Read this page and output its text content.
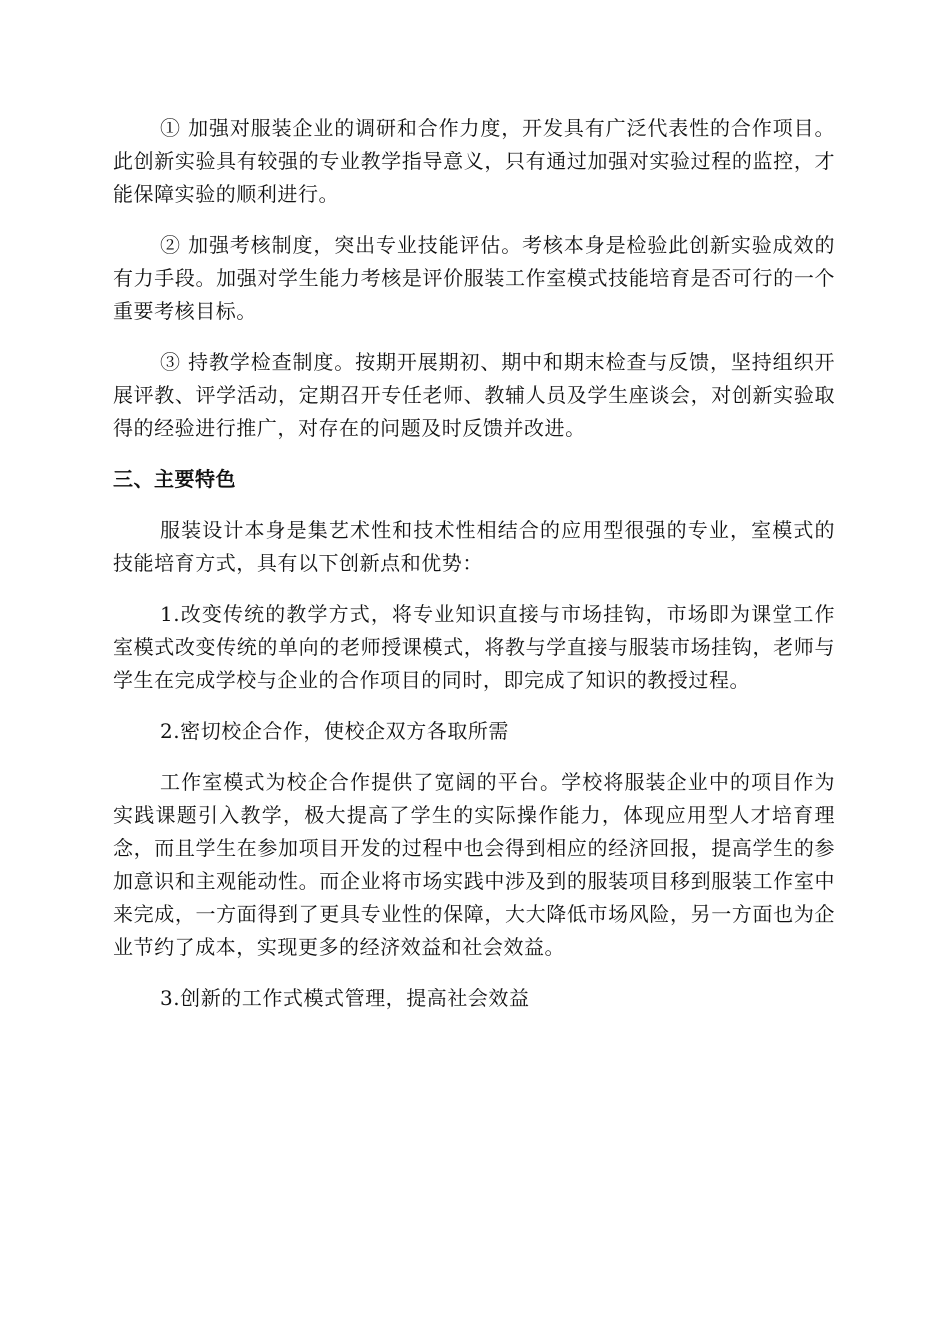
① 加强对服装企业的调研和合作力度，开发具有广泛代表性的合作项目。此创新实验具有较强的专业教学指导意义，只有通过加强对实验过程的监控，才能保障实验的顺利进行。

② 加强考核制度，突出专业技能评估。考核本身是检验此创新实验成效的有力手段。加强对学生能力考核是评价服装工作室模式技能培育是否可行的一个重要考核目标。

③ 持教学检查制度。按期开展期初、期中和期末检查与反馈，坚持组织开展评教、评学活动，定期召开专任老师、教辅人员及学生座谈会，对创新实验取得的经验进行推广，对存在的问题及时反馈并改进。

三、主要特色

服装设计本身是集艺术性和技术性相结合的应用型很强的专业，室模式的技能培育方式，具有以下创新点和优势：

1.改变传统的教学方式，将专业知识直接与市场挂钩，市场即为课堂工作室模式改变传统的单向的老师授课模式，将教与学直接与服装市场挂钩，老师与学生在完成学校与企业的合作项目的同时，即完成了知识的教授过程。

2.密切校企合作，使校企双方各取所需

工作室模式为校企合作提供了宽阔的平台。学校将服装企业中的项目作为实践课题引入教学，极大提高了学生的实际操作能力，体现应用型人才培育理念，而且学生在参加项目开发的过程中也会得到相应的经济回报，提高学生的参加意识和主观能动性。而企业将市场实践中涉及到的服装项目移到服装工作室中来完成，一方面得到了更具专业性的保障，大大降低市场风险，另一方面也为企业节约了成本，实现更多的经济效益和社会效益。

3.创新的工作式模式管理，提高社会效益
